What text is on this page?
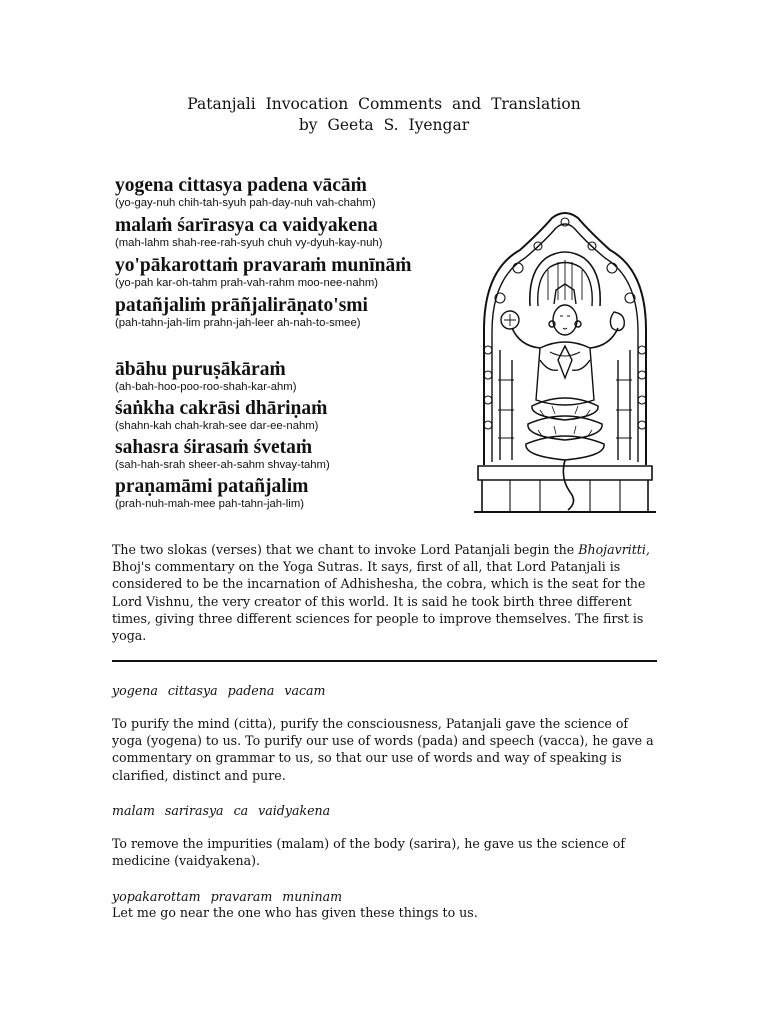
Patanjali Invocation Comments and Translation
by Geeta S. Iyengar
yogena cittasya padena vācāṁ
(yo-gay-nuh chih-tah-syuh pah-day-nuh vah-chahm)
malaṁ śarīrasya ca vaidyakena
(mah-lahm shah-ree-rah-syuh chuh vy-dyuh-kay-nuh)
yo'pākarottaṁ pravaraṁ munīnāṁ
(yo-pah kar-oh-tahm prah-vah-rahm moo-nee-nahm)
patañjaliṁ prāñjalirāṇato'smi
(pah-tahn-jah-lim prahn-jah-leer ah-nah-to-smee)
ābāhu puruṣākāraṁ
(ah-bah-hoo-poo-roo-shah-kar-ahm)
śaṅkha cakrāsi dhāriṇaṁ
(shahn-kah chah-krah-see dar-ee-nahm)
sahasra śirasaṁ śvetaṁ
(sah-hah-srah sheer-ah-sahm shvay-tahm)
praṇamāmi patañjalim
(prah-nuh-mah-mee pah-tahn-jah-lim)

The two slokas (verses) that we chant to invoke Lord Patanjali begin the Bhojavritti, Bhoj's commentary on the Yoga Sutras. It says, first of all, that Lord Patanjali is considered to be the incarnation of Adhishesha, the cobra, which is the seat for the Lord Vishnu, the very creator of this world. It is said he took birth three different times, giving three different sciences for people to improve themselves. The first is yoga.

yogena cittasya padena vacam

To purify the mind (citta), purify the consciousness, Patanjali gave the science of yoga (yogena) to us. To purify our use of words (pada) and speech (vacca), he gave a commentary on grammar to us, so that our use of words and way of speaking is clarified, distinct and pure.

malam sarirasya ca vaidyakena

To remove the impurities (malam) of the body (sarira), he gave us the science of medicine (vaidyakena).

yopakarottam pravaram muninam

Let me go near the one who has given these things to us.
